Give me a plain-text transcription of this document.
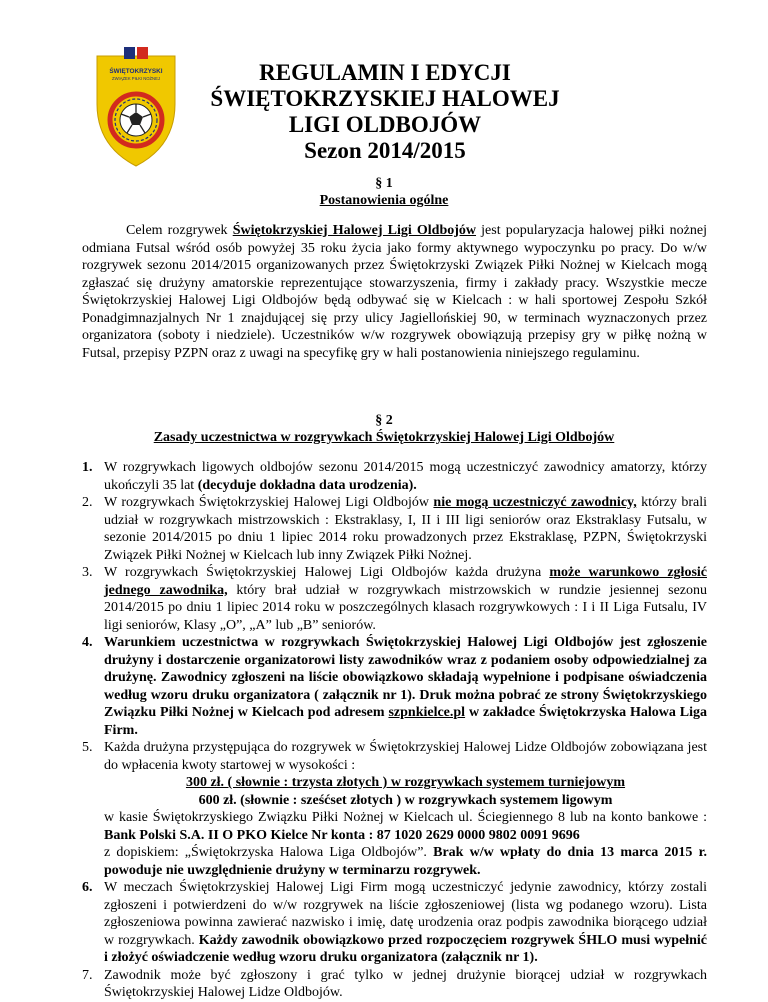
ŚWIĘTOKRZYSKI
ZWIĄZEK PIŁKI NOŻNEJ	REGULAMIN I EDYCJI
ŚWIĘTOKRZYSKIEJ HALOWEJ
LIGI OLDBOJÓW
Sezon 2014/2015
§ 1
Postanowienia ogólne
Celem rozgrywek Świętokrzyskiej Halowej Ligi Oldbojów jest popularyzacja halowej piłki nożnej odmiana Futsal wśród osób powyżej 35 roku życia jako formy aktywnego wypoczynku po pracy. Do w/w rozgrywek sezonu 2014/2015 organizowanych przez Świętokrzyski Związek Piłki Nożnej w Kielcach mogą zgłaszać się drużyny amatorskie reprezentujące stowarzyszenia, firmy i zakłady pracy. Wszystkie mecze Świętokrzyskiej Halowej Ligi Oldbojów będą odbywać się w Kielcach : w hali sportowej Zespołu Szkół Ponadgimnazjalnych Nr 1 znajdującej się przy ulicy Jagiellońskiej 90, w terminach wyznaczonych przez organizatora (soboty i niedziele). Uczestników w/w rozgrywek obowiązują przepisy gry w piłkę nożną w Futsal, przepisy PZPN oraz z uwagi na specyfikę gry w hali postanowienia niniejszego regulaminu.
§ 2
Zasady uczestnictwa w rozgrywkach Świętokrzyskiej Halowej Ligi Oldbojów
1. W rozgrywkach ligowych oldbojów sezonu 2014/2015 mogą uczestniczyć zawodnicy amatorzy, którzy ukończyli 35 lat (decyduje dokładna data urodzenia).
2. W rozgrywkach Świętokrzyskiej Halowej Ligi Oldbojów nie mogą uczestniczyć zawodnicy, którzy brali udział w rozgrywkach mistrzowskich : Ekstraklasy, I, II i III ligi seniorów oraz Ekstraklasy Futsalu, w sezonie 2014/2015 po dniu 1 lipiec 2014 roku prowadzonych przez Ekstraklasę, PZPN, Świętokrzyski Związek Piłki Nożnej w Kielcach lub inny Związek Piłki Nożnej.
3. W rozgrywkach Świętokrzyskiej Halowej Ligi Oldbojów każda drużyna może warunkowo zgłosić jednego zawodnika, który brał udział w rozgrywkach mistrzowskich w rundzie jesiennej sezonu 2014/2015 po dniu 1 lipiec 2014 roku w poszczególnych klasach rozgrywkowych : I i II Liga Futsalu, IV ligi seniorów, Klasy „O”, „A” lub „B” seniorów.
4. Warunkiem uczestnictwa w rozgrywkach Świętokrzyskiej Halowej Ligi Oldbojów jest zgłoszenie drużyny i dostarczenie organizatorowi listy zawodników wraz z podaniem osoby odpowiedzialnej za drużynę. Zawodnicy zgłoszeni na liście obowiązkowo składają wypełnione i podpisane oświadczenia według wzoru druku organizatora ( załącznik nr 1). Druk można pobrać ze strony Świętokrzyskiego Związku Piłki Nożnej w Kielcach pod adresem szpnkielce.pl w zakładce Świętokrzyska Halowa Liga Firm.
5. Każda drużyna przystępująca do rozgrywek w Świętokrzyskiej Halowej Lidze Oldbojów zobowiązana jest do wpłacenia kwoty startowej w wysokości :
300 zł. ( słownie : trzysta złotych ) w rozgrywkach systemem turniejowym
600 zł. (słownie : sześćset złotych ) w rozgrywkach systemem ligowym
w kasie Świętokrzyskiego Związku Piłki Nożnej w Kielcach ul. Ściegiennego 8 lub na konto bankowe : Bank Polski S.A. II O PKO Kielce Nr konta : 87 1020 2629 0000 9802 0091 9696
z dopiskiem: „Świętokrzyska Halowa Liga Oldbojów”. Brak w/w wpłaty do dnia 13 marca 2015 r. powoduje nie uwzględnienie drużyny w terminarzu rozgrywek.
6. W meczach Świętokrzyskiej Halowej Ligi Firm mogą uczestniczyć jedynie zawodnicy, którzy zostali zgłoszeni i potwierdzeni do w/w rozgrywek na liście zgłoszeniowej (lista wg podanego wzoru). Lista zgłoszeniowa powinna zawierać nazwisko i imię, datę urodzenia oraz podpis zawodnika biorącego udział w rozgrywkach. Każdy zawodnik obowiązkowo przed rozpoczęciem rozgrywek ŚHLO musi wypełnić i złożyć oświadczenie według wzoru druku organizatora (załącznik nr 1).
7. Zawodnik może być zgłoszony i grać tylko w jednej drużynie biorącej udział w rozgrywkach Świętokrzyskiej Halowej Lidze Oldbojów.
